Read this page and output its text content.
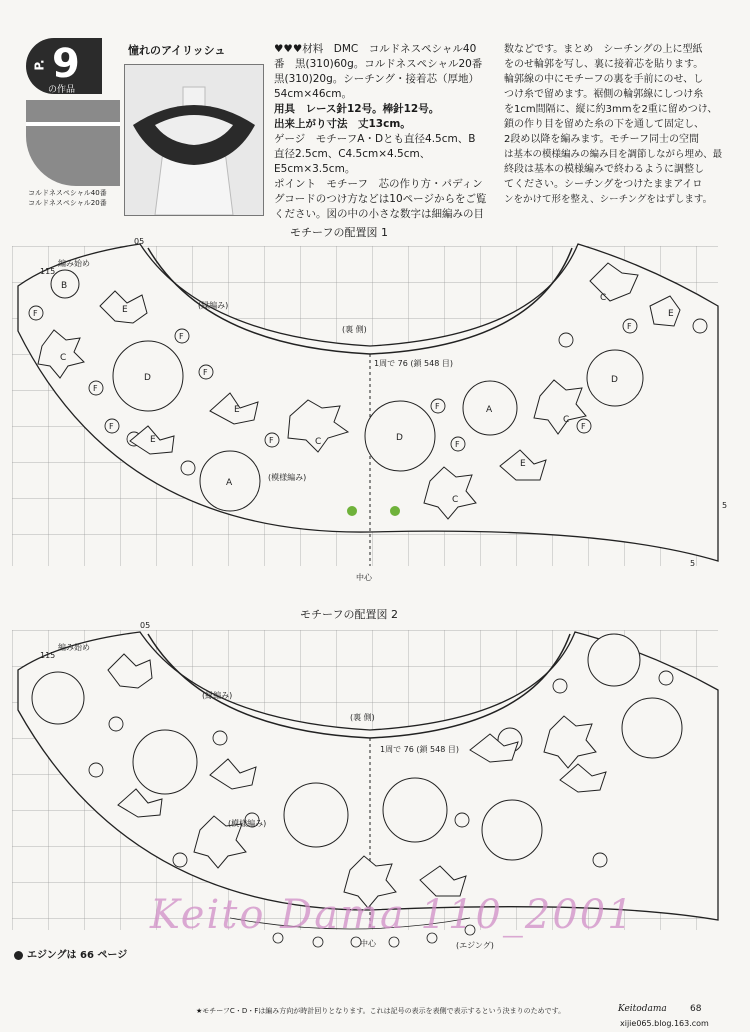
P. 9
の作品
コルドネスペシャル40番
コルドネスペシャル20番
憧れのアイリッシュ	♥♥♥材料　DMC　コルドネスペシャル40
番　黒(310)60g。コルドネスペシャル20番
黒(310)20g。シーチング・接着芯（厚地）
54cm×46cm。
用具　レース針12号。棒針12号。
出来上がり寸法　丈13cm。
ゲージ　モチーフA・Dとも直径4.5cm、B
直径2.5cm、C4.5cm×4.5cm、E5cm×3.5cm。
ポイント　モチーフ　芯の作り方・パディン
グコードのつけ方などは10ページからをご覧
ください。図の中の小さな数字は細編みの目
数などです。まとめ　シーチングの上に型紙
をのせ輪郭を写し、裏に接着芯を貼ります。
輪郭線の中にモチーフの裏を手前にのせ、し
つけ糸で留めます。裾側の輪郭線にしつけ糸
を1cm間隔に、縦に約3mmを2重に留めつけ、
鎖の作り目を留めた糸の下を通して固定し、
2段め以降を編みます。モチーフ同士の空間
は基本の模様編みの編み目を調節しながら埋め、最
終段は基本の模様編みで終わるように調整し
てください。シーチングをつけたままアイロ
ンをかけて形を整え、シーチングをはずします。
モチーフの配置図 1
D
D
D
A
A
B
C
C
C
C
C
E
E
E
E
E
F
F
F
F
F
F
F
F
F
F
05
115
編み始め
(縁編み)
(裏 側)
1周で 76 (鎖 548 目)
(模様編み)
中心
5
5
モチーフの配置図 2
05
115
編み始め
(縁編み)
(裏 側)
1周で 76 (鎖 548 目)
(模様編み)
中心	(エジング)
Keito Dama 110_2001
エジングは 66 ページ
★モチーフC・D・Fは編み方向が時計回りとなります。これは記号の表示を表側で表示するという決まりのためです。	Keitodama	68
xijie065.blog.163.com
